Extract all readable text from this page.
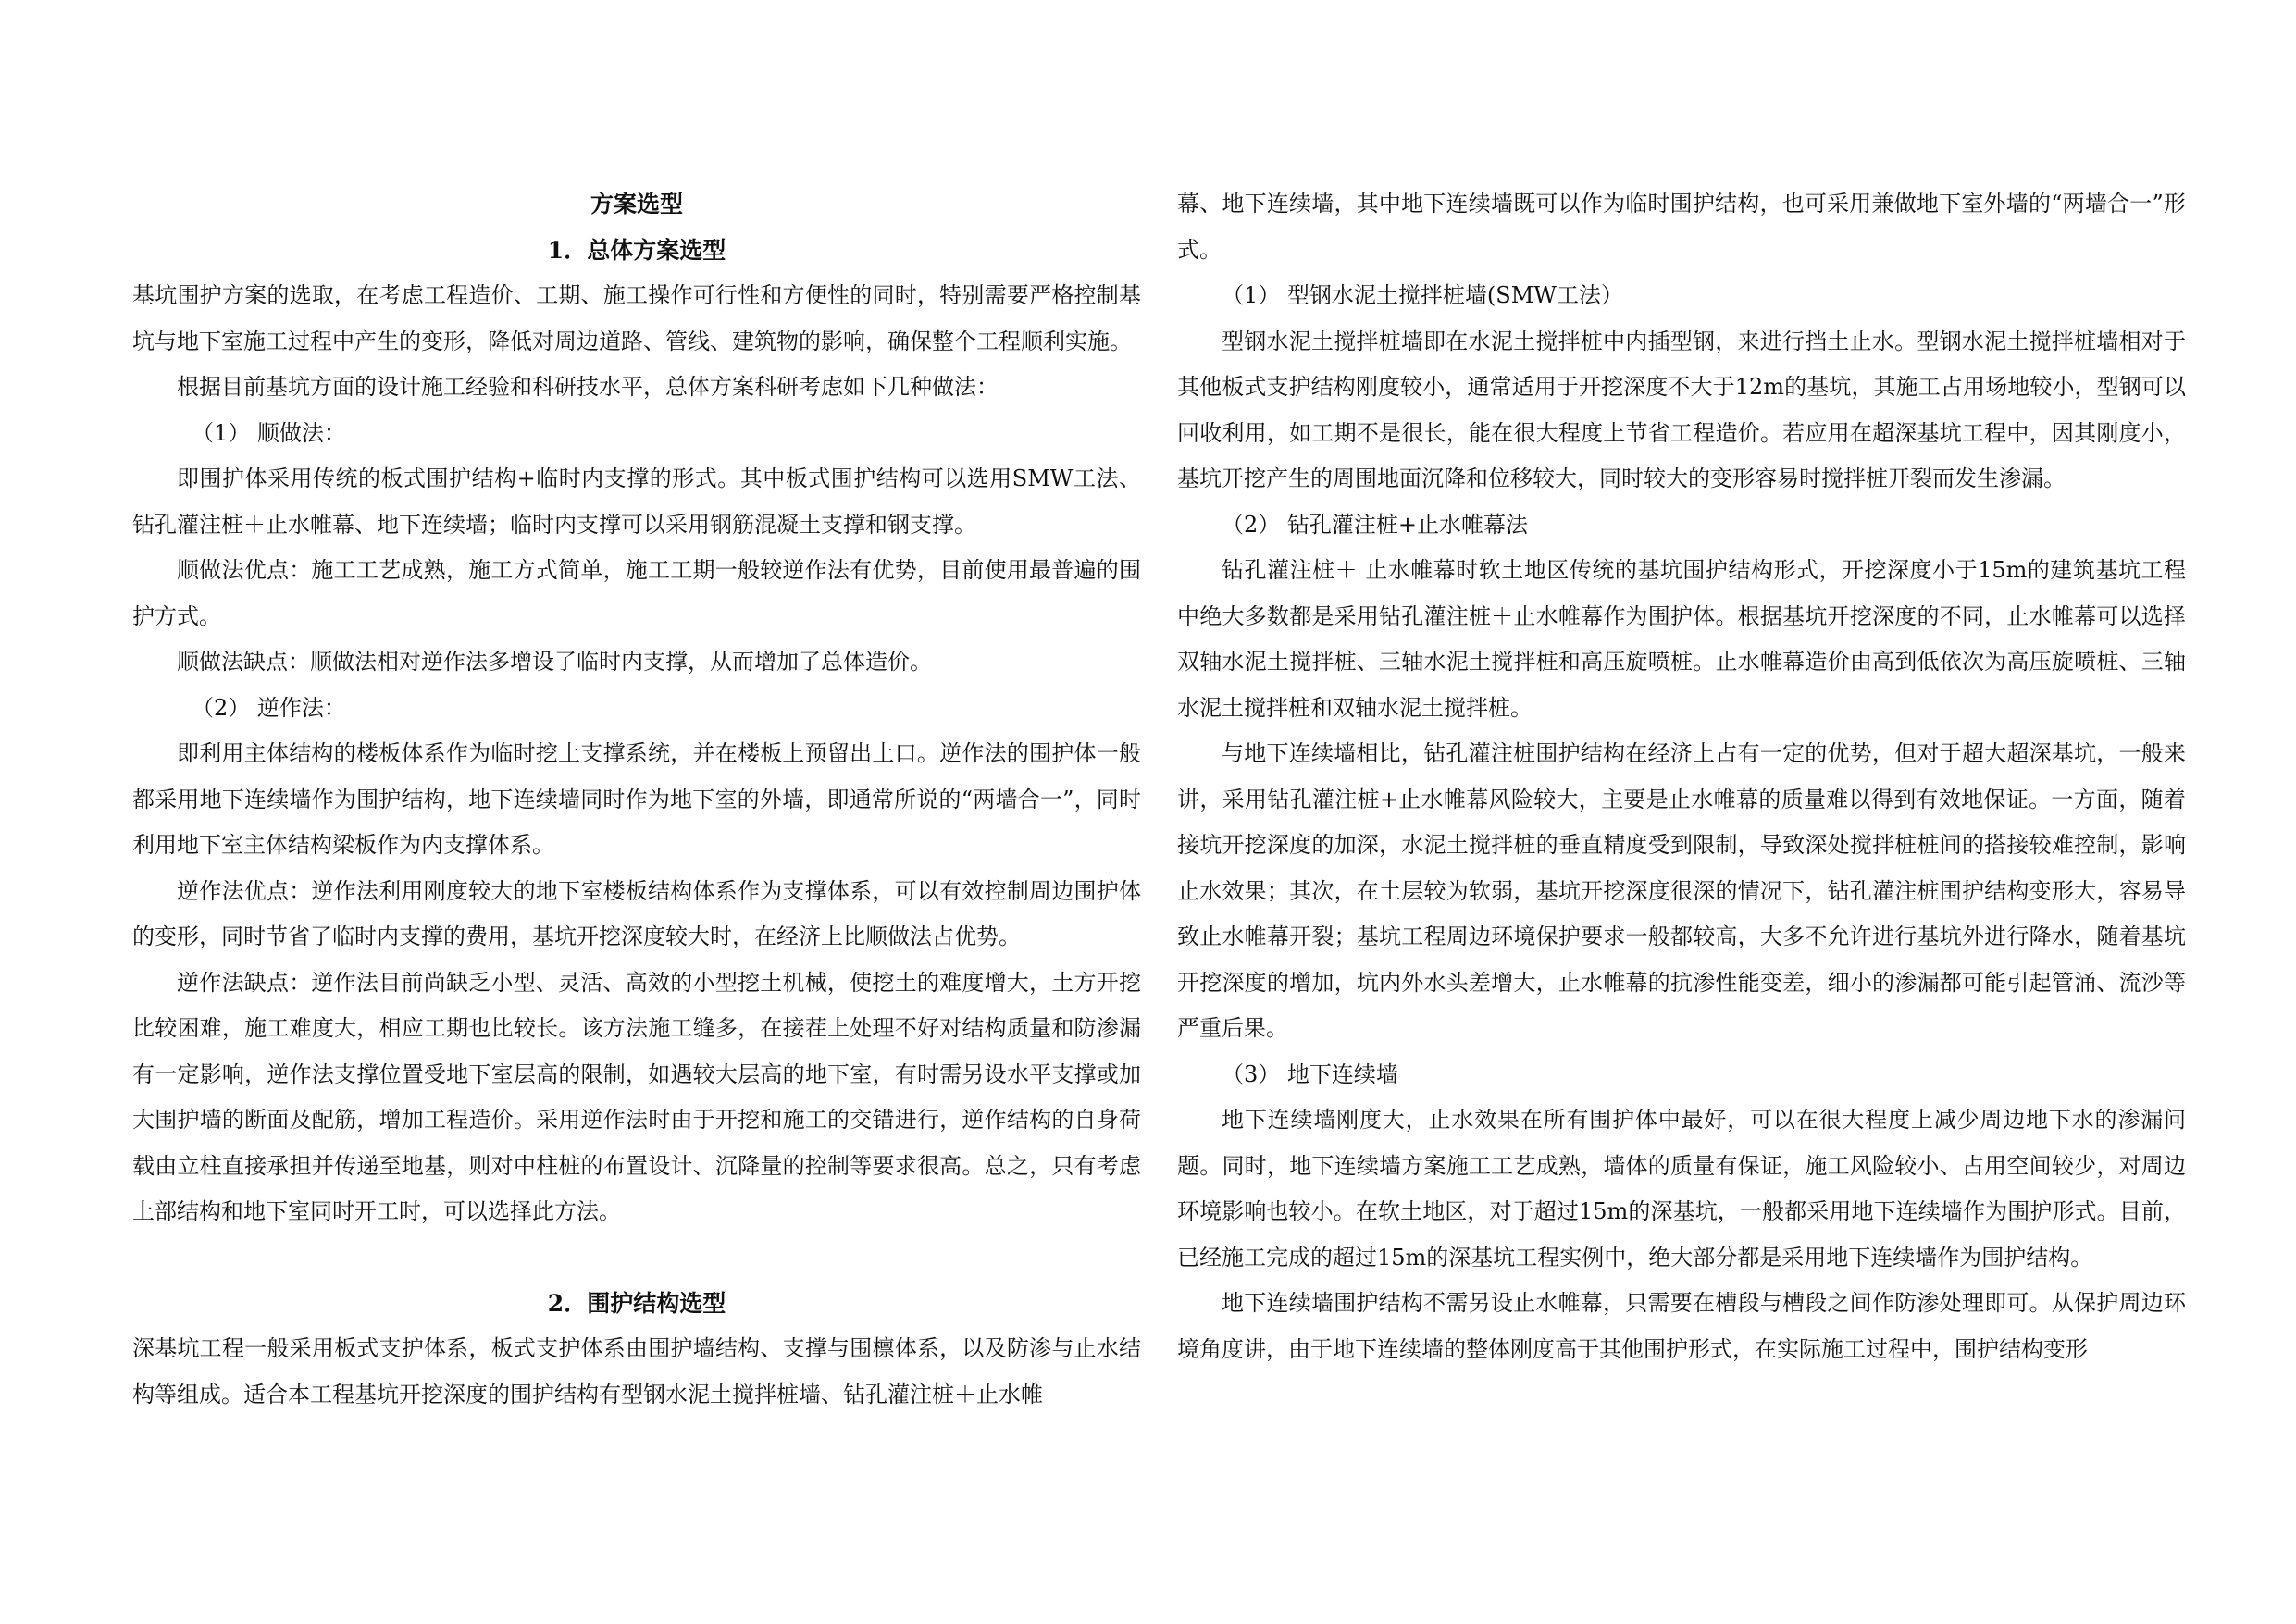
方案选型
1．总体方案选型

基坑围护方案的选取，在考虑工程造价、工期、施工操作可行性和方便性的同时，特别需要严格控制基坑与地下室施工过程中产生的变形，降低对周边道路、管线、建筑物的影响，确保整个工程顺利实施。

根据目前基坑方面的设计施工经验和科研技水平，总体方案科研考虑如下几种做法：

（1） 顺做法：

即围护体采用传统的板式围护结构+临时内支撑的形式。其中板式围护结构可以选用SMW工法、钻孔灌注桩＋止水帷幕、地下连续墙；临时内支撑可以采用钢筋混凝土支撑和钢支撑。

顺做法优点：施工工艺成熟，施工方式简单，施工工期一般较逆作法有优势，目前使用最普遍的围护方式。

顺做法缺点：顺做法相对逆作法多增设了临时内支撑，从而增加了总体造价。

（2） 逆作法：

即利用主体结构的楼板体系作为临时挖土支撑系统，并在楼板上预留出土口。逆作法的围护体一般都采用地下连续墙作为围护结构，地下连续墙同时作为地下室的外墙，即通常所说的“两墙合一”，同时利用地下室主体结构梁板作为内支撑体系。

逆作法优点：逆作法利用刚度较大的地下室楼板结构体系作为支撑体系，可以有效控制周边围护体的变形，同时节省了临时内支撑的费用，基坑开挖深度较大时，在经济上比顺做法占优势。

逆作法缺点：逆作法目前尚缺乏小型、灵活、高效的小型挖土机械，使挖土的难度增大，土方开挖比较困难，施工难度大，相应工期也比较长。该方法施工缝多，在接茬上处理不好对结构质量和防渗漏有一定影响，逆作法支撑位置受地下室层高的限制，如遇较大层高的地下室，有时需另设水平支撑或加大围护墙的断面及配筋，增加工程造价。采用逆作法时由于开挖和施工的交错进行，逆作结构的自身荷载由立柱直接承担并传递至地基，则对中柱桩的布置设计、沉降量的控制等要求很高。总之，只有考虑上部结构和地下室同时开工时，可以选择此方法。

2．围护结构选型

深基坑工程一般采用板式支护体系，板式支护体系由围护墙结构、支撑与围檩体系，以及防渗与止水结构等组成。适合本工程基坑开挖深度的围护结构有型钢水泥土搅拌桩墙、钻孔灌注桩＋止水帷

幕、地下连续墙，其中地下连续墙既可以作为临时围护结构，也可采用兼做地下室外墙的“两墙合一”形式。

（1） 型钢水泥土搅拌桩墙(SMW工法）

型钢水泥土搅拌桩墙即在水泥土搅拌桩中内插型钢，来进行挡土止水。型钢水泥土搅拌桩墙相对于其他板式支护结构刚度较小，通常适用于开挖深度不大于12m的基坑，其施工占用场地较小，型钢可以回收利用，如工期不是很长，能在很大程度上节省工程造价。若应用在超深基坑工程中，因其刚度小，基坑开挖产生的周围地面沉降和位移较大，同时较大的变形容易时搅拌桩开裂而发生渗漏。

（2） 钻孔灌注桩+止水帷幕法

钻孔灌注桩＋ 止水帷幕时软土地区传统的基坑围护结构形式，开挖深度小于15m的建筑基坑工程中绝大多数都是采用钻孔灌注桩＋止水帷幕作为围护体。根据基坑开挖深度的不同，止水帷幕可以选择双轴水泥土搅拌桩、三轴水泥土搅拌桩和高压旋喷桩。止水帷幕造价由高到低依次为高压旋喷桩、三轴水泥土搅拌桩和双轴水泥土搅拌桩。

与地下连续墙相比，钻孔灌注桩围护结构在经济上占有一定的优势，但对于超大超深基坑，一般来讲，采用钻孔灌注桩+止水帷幕风险较大，主要是止水帷幕的质量难以得到有效地保证。一方面，随着接坑开挖深度的加深，水泥土搅拌桩的垂直精度受到限制，导致深处搅拌桩桩间的搭接较难控制，影响止水效果；其次，在土层较为软弱，基坑开挖深度很深的情况下，钻孔灌注桩围护结构变形大，容易导致止水帷幕开裂；基坑工程周边环境保护要求一般都较高，大多不允许进行基坑外进行降水，随着基坑开挖深度的增加，坑内外水头差增大，止水帷幕的抗渗性能变差，细小的渗漏都可能引起管涌、流沙等严重后果。

（3） 地下连续墙

地下连续墙刚度大，止水效果在所有围护体中最好，可以在很大程度上减少周边地下水的渗漏问题。同时，地下连续墙方案施工工艺成熟，墙体的质量有保证，施工风险较小、占用空间较少，对周边环境影响也较小。在软土地区，对于超过15m的深基坑，一般都采用地下连续墙作为围护形式。目前，已经施工完成的超过15m的深基坑工程实例中，绝大部分都是采用地下连续墙作为围护结构。

地下连续墙围护结构不需另设止水帷幕，只需要在槽段与槽段之间作防渗处理即可。从保护周边环境角度讲，由于地下连续墙的整体刚度高于其他围护形式，在实际施工过程中，围护结构变形
